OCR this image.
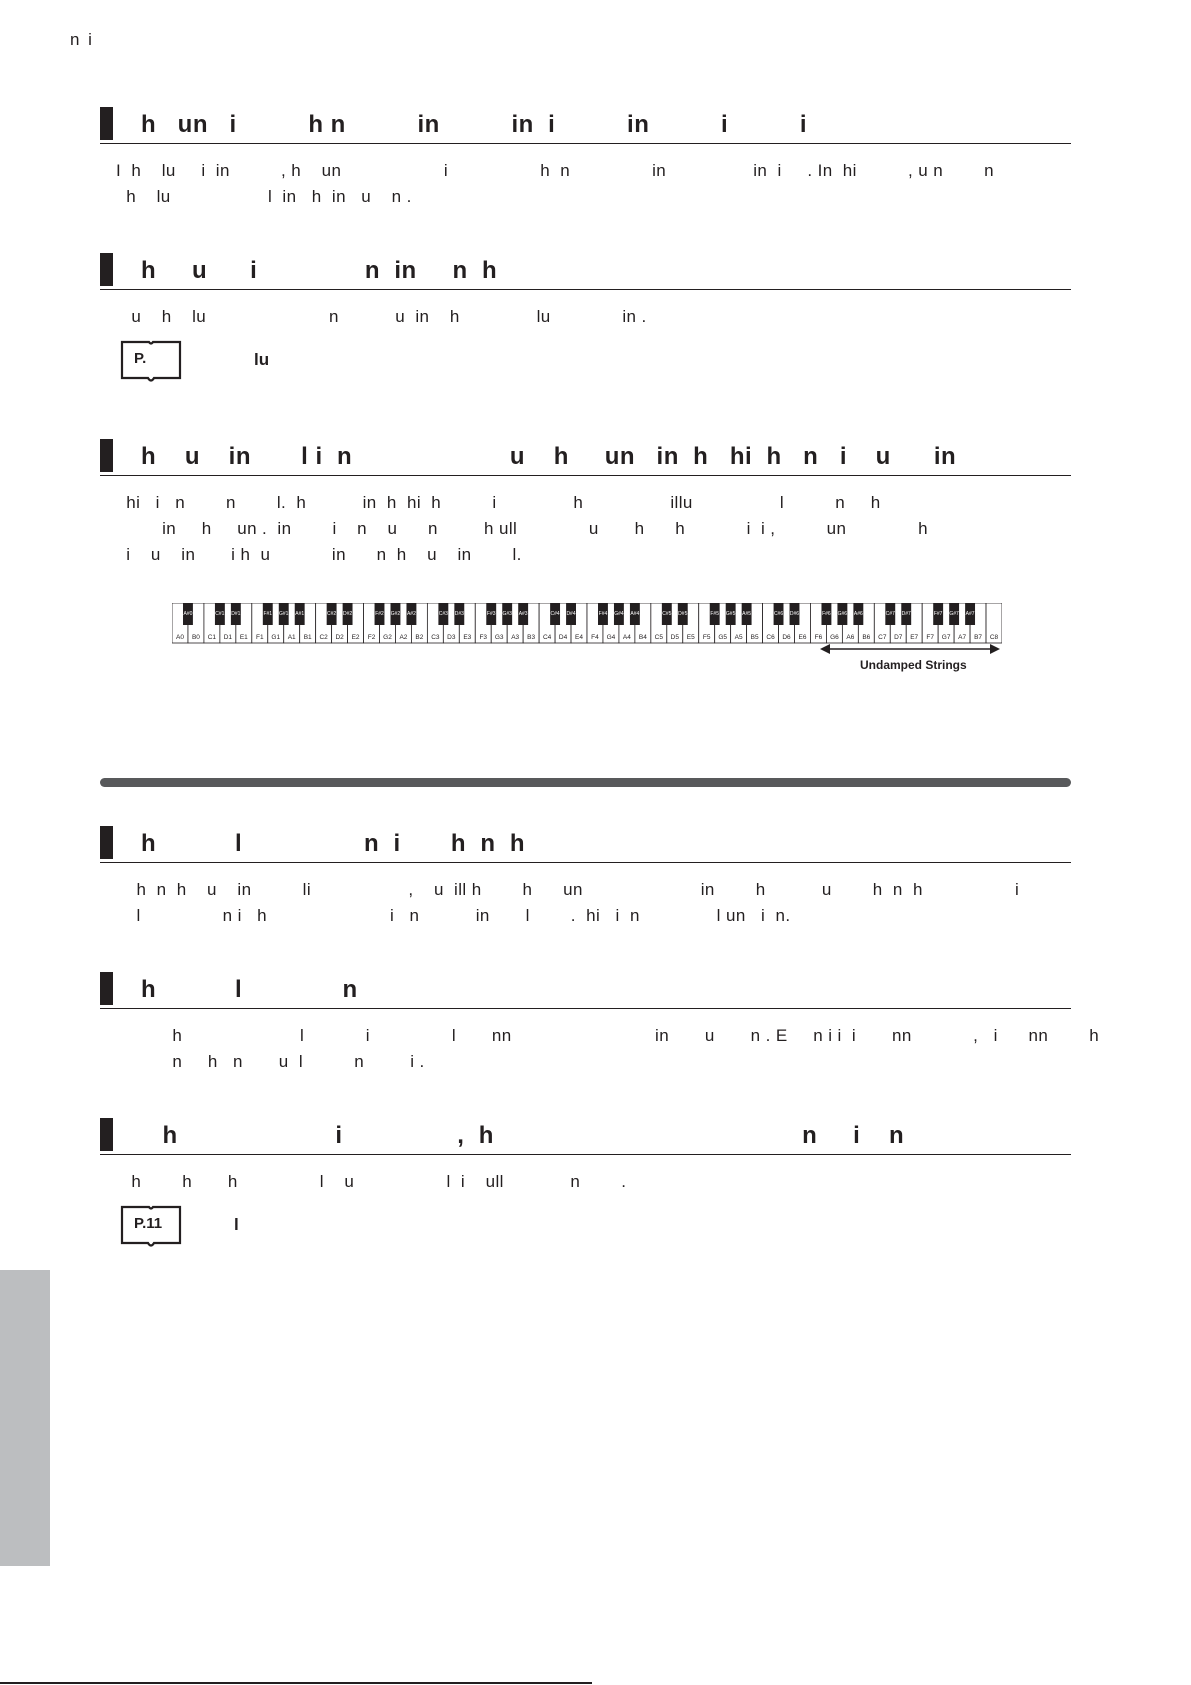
n i
h   un   i          h n          in          in  i          in          i          i
I  h    lu     i  in          , h    un                    i                  h  n                in                 in  i     . In  hi          , u n        n
h    lu                   l  in   h  in   u    n .
h     u      i               n  in     n  h
u    h    lu                        n           u  in    h               lu              in .
P.	lu
h    u    in       l i  n                      u    h     un   in  h   hi  h   n   i    u      in
hi   i   n        n        l.  h           in  h  hi  h          i               h                 illu                 l          n     h
in     h     un .  in        i    n    u      n         h ull              u       h      h            i  i ,          un              h
i    u    in       i h  u            in      n  h    u    in        l.
A0 B0 C1 D1 E1 F1 G1 A1 B1 C2 D2 E2 F2 G2 A2 B2 C3 D3 E3 F3 G3 A3 B3 C4 D4 E4 F4 G4 A4 B4 C5 D5 E5 F5 G5 A5 B5 C6 D6 E6 F6 G6 A6 B6 C7 D7 E7 F7 G7 A7 B7 C8
A#0	C#1 D#1	F#1 G#1 A#1	C#2 D#2	F#2 G#2 A#2	C#3 D#3	F#3 G#3 A#3	C#4 D#4	F#4 G#4 A#4	C#5 D#5	F#5 G#5 A#5	C#6 D#6	F#6 G#6 A#6	C#7 D#7	F#7 G#7 A#7
Undamped Strings
h           l                 n  i       h  n  h
h  n  h    u    in          li                   ,    u  ill h        h      un                       in        h           u        h  n  h                  i
l                n i   h                        i   n           in       l        .  hi   i  n               l un   i  n.
h           l              n
h                       l            i                l       nn                            in       u       n . E     n i i  i       nn            ,   i      nn        h
n     h   n       u  l          n         i .
h                      i                ,  h                                           n     i    n
h        h       h                l    u                  l  i    ull             n        .
P.11	l
